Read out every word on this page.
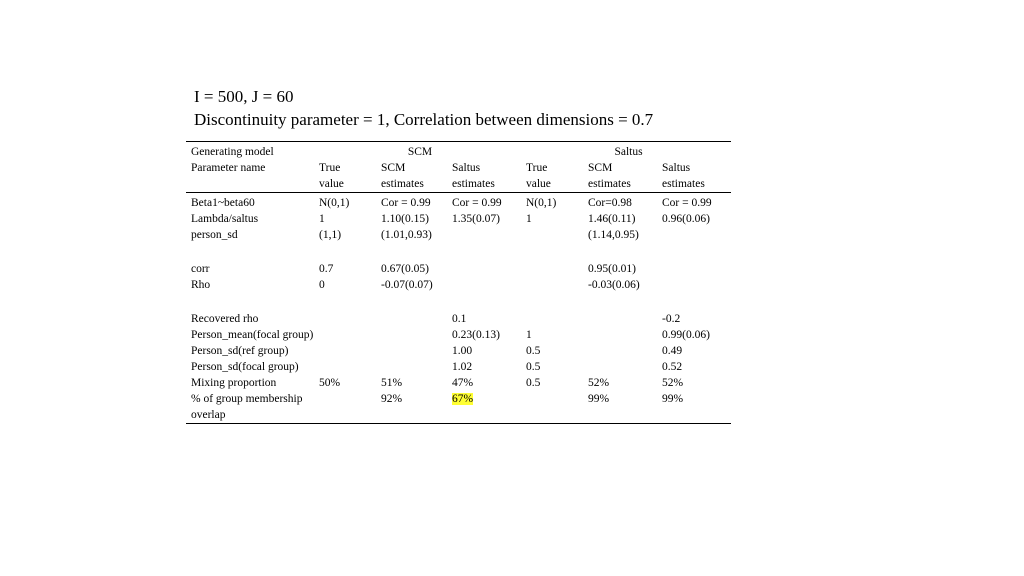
I = 500, J = 60
Discontinuity parameter = 1, Correlation between dimensions = 0.7
Generating model	SCM			Saltus		
Parameter name	True	SCM	Saltus	True	SCM	Saltus
	value	estimates	estimates	value	estimates	estimates
Beta1~beta60	N(0,1)	Cor = 0.99	Cor = 0.99	N(0,1)	Cor=0.98	Cor = 0.99
Lambda/saltus	1	1.10(0.15)	1.35(0.07)	1	1.46(0.11)	0.96(0.06)
person_sd	(1,1)	(1.01,0.93)			(1.14,0.95)	

corr	0.7	0.67(0.05)			0.95(0.01)	
Rho	0	-0.07(0.07)			-0.03(0.06)	

Recovered rho			0.1			-0.2
Person_mean(focal group)			0.23(0.13)	1		0.99(0.06)
Person_sd(ref group)			1.00	0.5		0.49
Person_sd(focal group)			1.02	0.5		0.52
Mixing proportion	50%	51%	47%	0.5	52%	52%
% of group membership overlap		92%	67%		99%	99%
